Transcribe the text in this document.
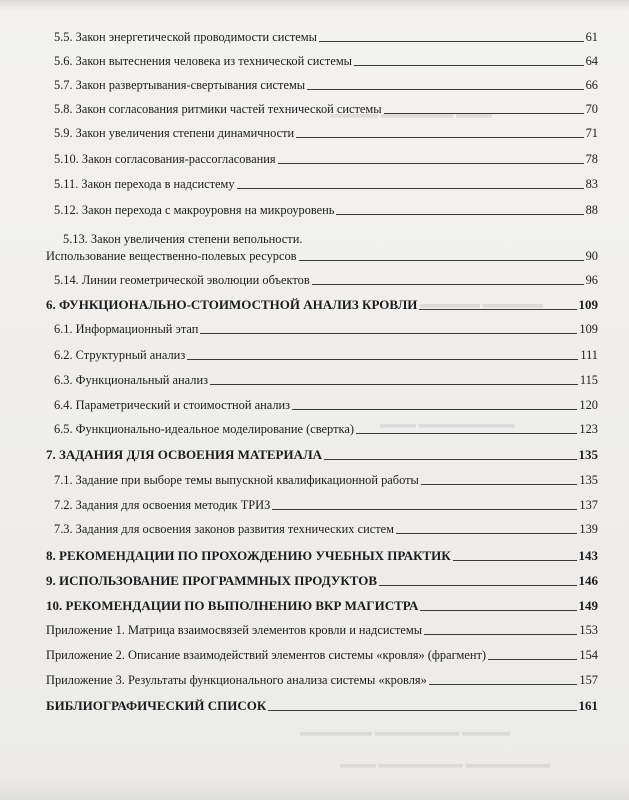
▬▬▬▬ ▬▬▬▬▬▬ ▬▬▬
▬▬▬▬▬ ▬▬▬▬▬
▬▬▬ ▬▬▬▬▬▬▬▬
▬▬▬▬▬▬ ▬▬▬▬▬▬▬ ▬▬▬▬
▬▬▬ ▬▬▬▬▬▬▬ ▬▬▬▬▬▬▬
5.5. Закон энергетической проводимости системы	61
5.6. Закон вытеснения человека из технической системы	64
5.7. Закон развертывания-свертывания системы	66
5.8. Закон согласования ритмики частей технической системы	70
5.9. Закон увеличения степени динамичности	71
5.10. Закон согласования-рассогласования	78
5.11. Закон перехода в надсистему	83
5.12. Закон перехода с макроуровня на микроуровень	88
5.13. Закон увеличения степени вепольности.
Использование вещественно-полевых ресурсов	90
5.14. Линии геометрической эволюции объектов	96
6. ФУНКЦИОНАЛЬНО-СТОИМОСТНОЙ АНАЛИЗ КРОВЛИ	109
6.1. Информационный этап	109
6.2. Структурный анализ	111
6.3. Функциональный анализ	115
6.4. Параметрический и стоимостной анализ	120
6.5. Функционально-идеальное моделирование (свертка)	123
7. ЗАДАНИЯ ДЛЯ ОСВОЕНИЯ МАТЕРИАЛА	135
7.1. Задание при выборе темы выпускной квалификационной работы	135
7.2. Задания для освоения методик ТРИЗ	137
7.3. Задания для освоения законов развития технических систем	139
8. РЕКОМЕНДАЦИИ ПО ПРОХОЖДЕНИЮ УЧЕБНЫХ ПРАКТИК	143
9. ИСПОЛЬЗОВАНИЕ ПРОГРАММНЫХ ПРОДУКТОВ	146
10. РЕКОМЕНДАЦИИ ПО ВЫПОЛНЕНИЮ ВКР МАГИСТРА	149
Приложение 1. Матрица взаимосвязей элементов кровли и надсистемы	153
Приложение 2. Описание взаимодействий элементов системы «кровля» (фрагмент)	154
Приложение 3. Результаты функционального анализа системы «кровля»	157
БИБЛИОГРАФИЧЕСКИЙ СПИСОК	161
